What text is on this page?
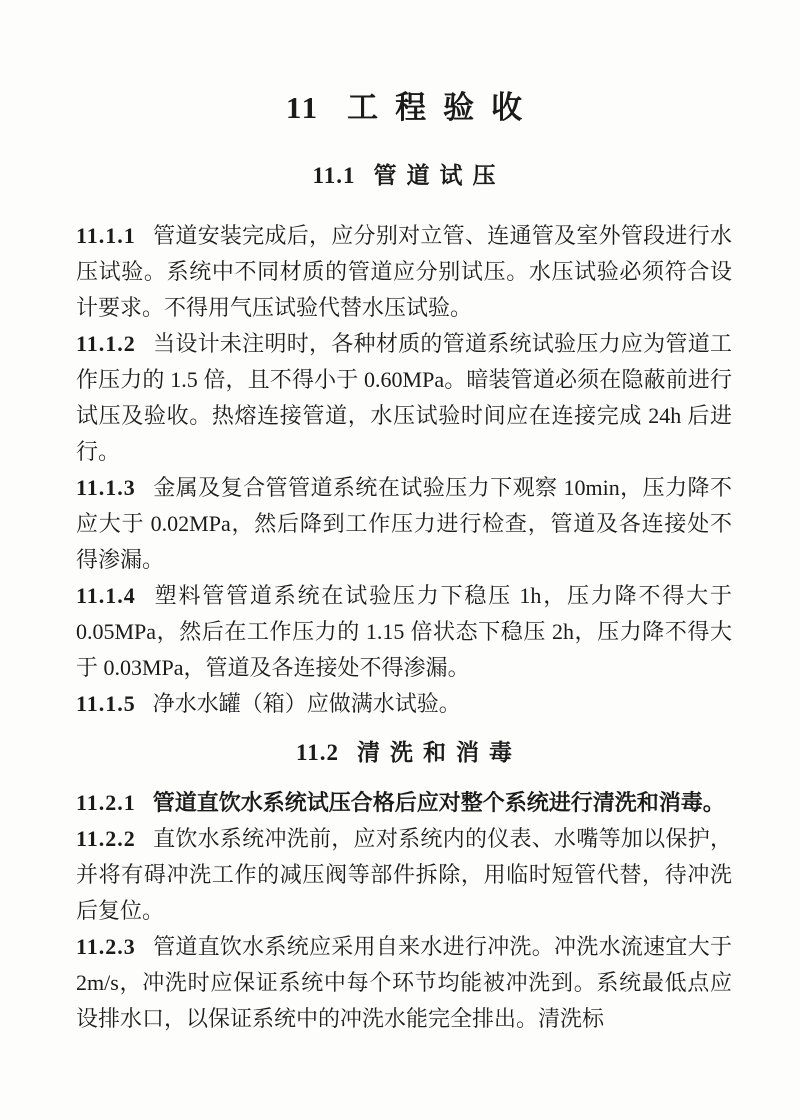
11 工程验收
11.1 管道试压

11.1.1 管道安装完成后，应分别对立管、连通管及室外管段进行水压试验。系统中不同材质的管道应分别试压。水压试验必须符合设计要求。不得用气压试验代替水压试验。

11.1.2 当设计未注明时，各种材质的管道系统试验压力应为管道工作压力的 1.5 倍，且不得小于 0.60MPa。暗装管道必须在隐蔽前进行试压及验收。热熔连接管道，水压试验时间应在连接完成 24h 后进行。

11.1.3 金属及复合管管道系统在试验压力下观察 10min，压力降不应大于 0.02MPa，然后降到工作压力进行检查，管道及各连接处不得渗漏。

11.1.4 塑料管管道系统在试验压力下稳压 1h，压力降不得大于 0.05MPa，然后在工作压力的 1.15 倍状态下稳压 2h，压力降不得大于 0.03MPa，管道及各连接处不得渗漏。

11.1.5 净水水罐（箱）应做满水试验。

11.2 清洗和消毒

11.2.1 管道直饮水系统试压合格后应对整个系统进行清洗和消毒。

11.2.2 直饮水系统冲洗前，应对系统内的仪表、水嘴等加以保护，并将有碍冲洗工作的减压阀等部件拆除，用临时短管代替，待冲洗后复位。

11.2.3 管道直饮水系统应采用自来水进行冲洗。冲洗水流速宜大于 2m/s，冲洗时应保证系统中每个环节均能被冲洗到。系统最低点应设排水口，以保证系统中的冲洗水能完全排出。清洗标
